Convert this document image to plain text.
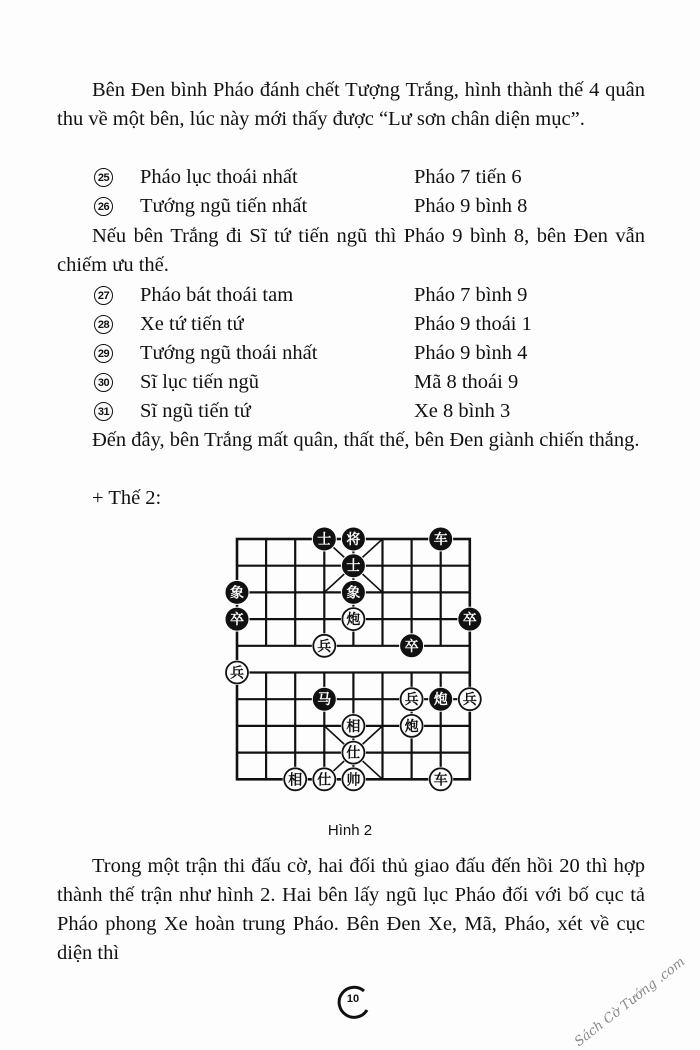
Bên Đen bình Pháo đánh chết Tượng Trắng, hình thành thế 4 quân thu về một bên, lúc này mới thấy được “Lư sơn chân diện mục”.
25 Pháo lục thoái nhất	Pháo 7 tiến 6
26 Tướng ngũ tiến nhất	Pháo 9 bình 8
Nếu bên Trắng đi Sĩ tứ tiến ngũ thì Pháo 9 bình 8, bên Đen vẫn chiếm ưu thế.
27 Pháo bát thoái tam	Pháo 7 bình 9
28 Xe tứ tiến tứ	Pháo 9 thoái 1
29 Tướng ngũ thoái nhất	Pháo 9 bình 4
30 Sĩ lục tiến ngũ	Mã 8 thoái 9
31 Sĩ ngũ tiến tứ	Xe 8 bình 3
Đến đây, bên Trắng mất quân, thất thế, bên Đen giành chiến thắng.
+ Thế 2:
士 将	车
士
象	象
卒	炮	卒
兵	卒
兵
马	兵 炮 兵
相	炮
仕
相 仕 帅	车
Hình 2
Trong một trận thi đấu cờ, hai đối thủ giao đấu đến hồi 20 thì hợp thành thế trận như hình 2. Hai bên lấy ngũ lục Pháo đối với bố cục tả Pháo phong Xe hoàn trung Pháo. Bên Đen Xe, Mã, Pháo, xét về cục diện thì
10	Sách Cờ Tướng .com
